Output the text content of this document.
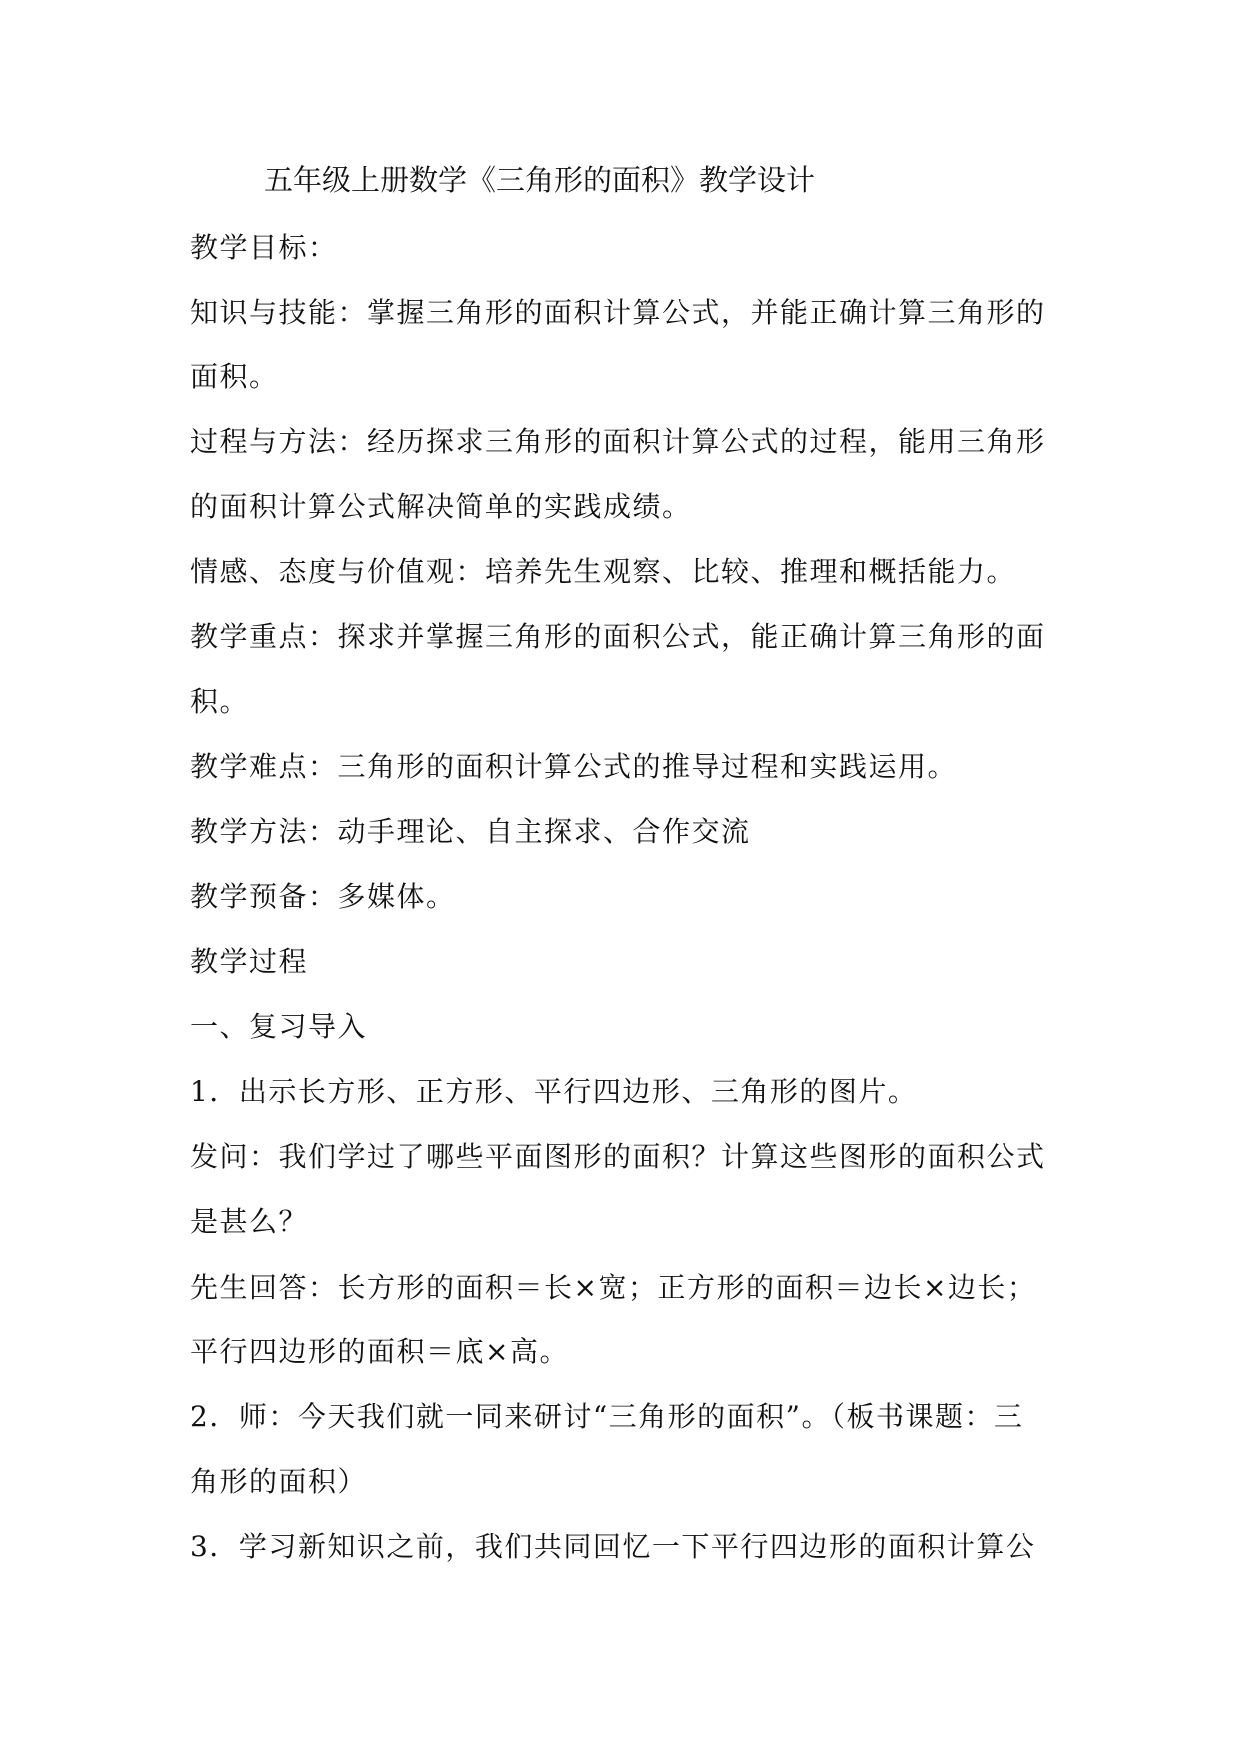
五年级上册数学《三角形的面积》教学设计
教学目标：
知识与技能：掌握三角形的面积计算公式，并能正确计算三角形的
面积。
过程与方法：经历探求三角形的面积计算公式的过程，能用三角形
的面积计算公式解决简单的实践成绩。
情感、态度与价值观：培养先生观察、比较、推理和概括能力。
教学重点：探求并掌握三角形的面积公式，能正确计算三角形的面
积。
教学难点：三角形的面积计算公式的推导过程和实践运用。
教学方法：动手理论、自主探求、合作交流
教学预备：多媒体。
教学过程
一、复习导入
1．出示长方形、正方形、平行四边形、三角形的图片。
发问：我们学过了哪些平面图形的面积？计算这些图形的面积公式
是甚么？
先生回答：长方形的面积＝长×宽；正方形的面积＝边长×边长；
平行四边形的面积＝底×高。
2．师：今天我们就一同来研讨“三角形的面积”。（板书课题：三
角形的面积）
3．学习新知识之前，我们共同回忆一下平行四边形的面积计算公
